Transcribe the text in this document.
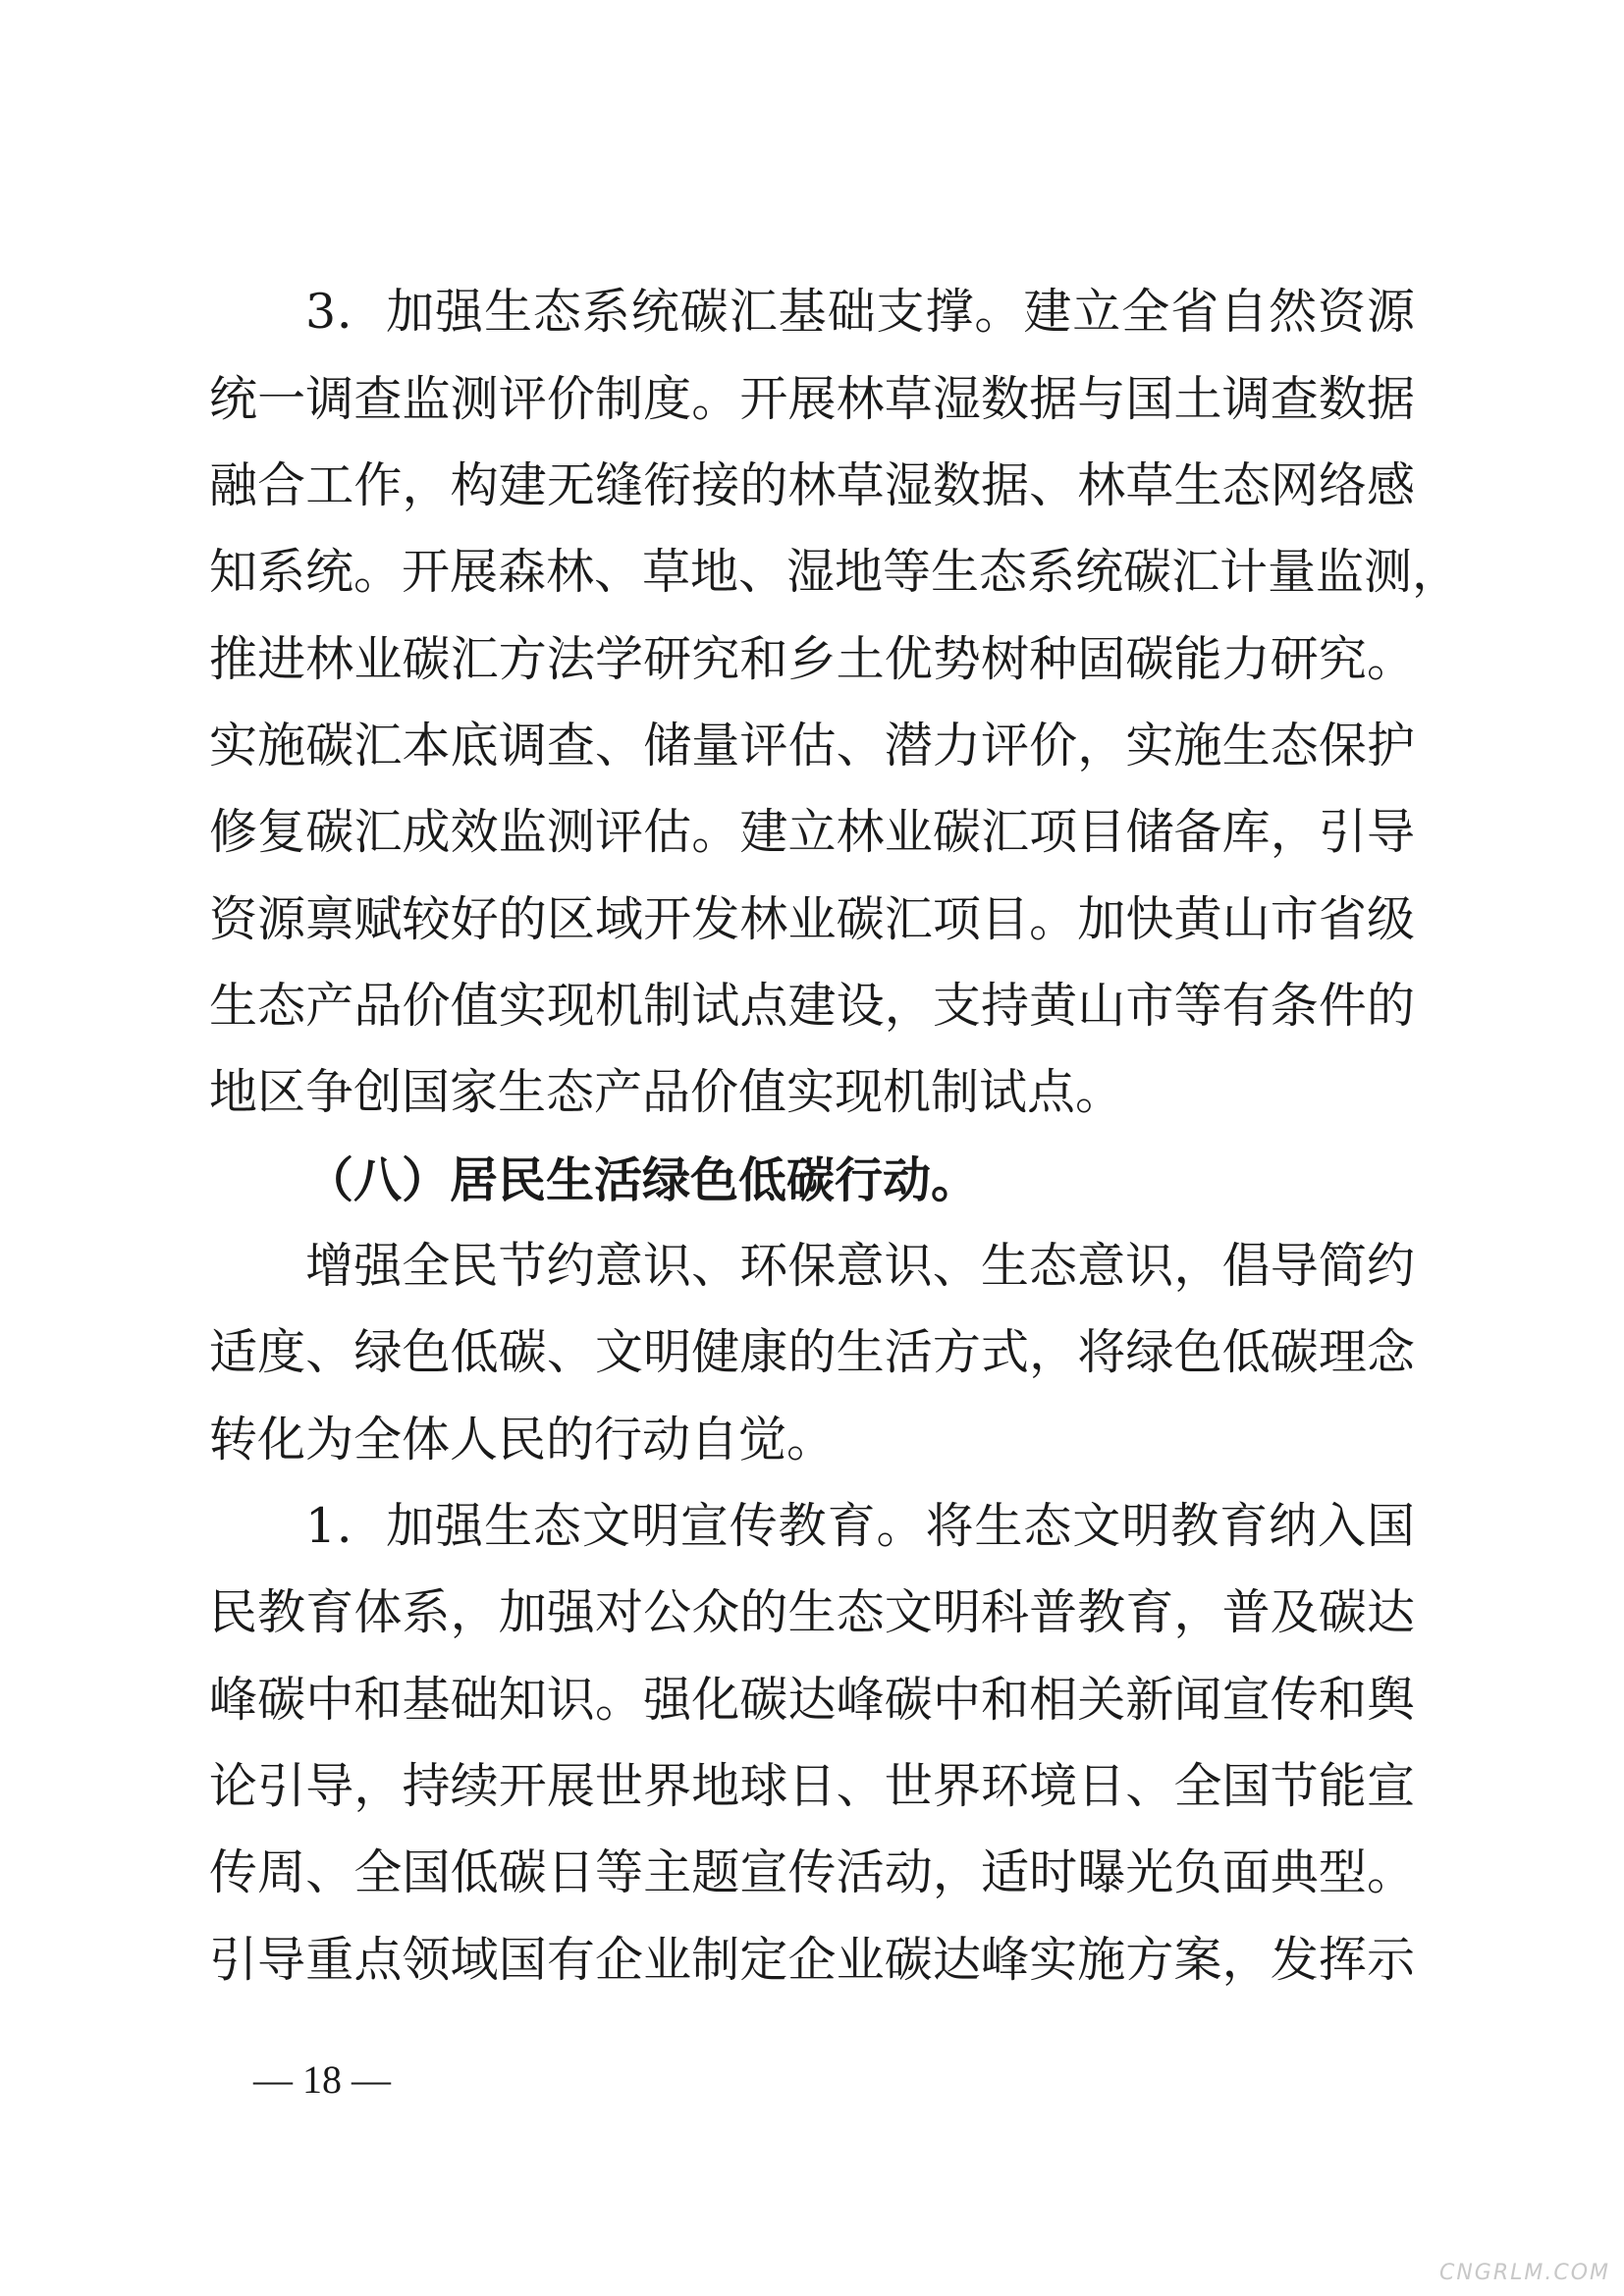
3．加强生态系统碳汇基础支撑。建立全省自然资源
统一调查监测评价制度。开展林草湿数据与国土调查数据
融合工作，构建无缝衔接的林草湿数据、林草生态网络感
知系统。开展森林、草地、湿地等生态系统碳汇计量监测，
推进林业碳汇方法学研究和乡土优势树种固碳能力研究。
实施碳汇本底调查、储量评估、潜力评价，实施生态保护
修复碳汇成效监测评估。建立林业碳汇项目储备库，引导
资源禀赋较好的区域开发林业碳汇项目。加快黄山市省级
生态产品价值实现机制试点建设，支持黄山市等有条件的
地区争创国家生态产品价值实现机制试点。
（八）居民生活绿色低碳行动。
增强全民节约意识、环保意识、生态意识，倡导简约
适度、绿色低碳、文明健康的生活方式，将绿色低碳理念
转化为全体人民的行动自觉。
1．加强生态文明宣传教育。将生态文明教育纳入国
民教育体系，加强对公众的生态文明科普教育，普及碳达
峰碳中和基础知识。强化碳达峰碳中和相关新闻宣传和舆
论引导，持续开展世界地球日、世界环境日、全国节能宣
传周、全国低碳日等主题宣传活动，适时曝光负面典型。
引导重点领域国有企业制定企业碳达峰实施方案，发挥示
— 18 —
CNGRLM.COM
